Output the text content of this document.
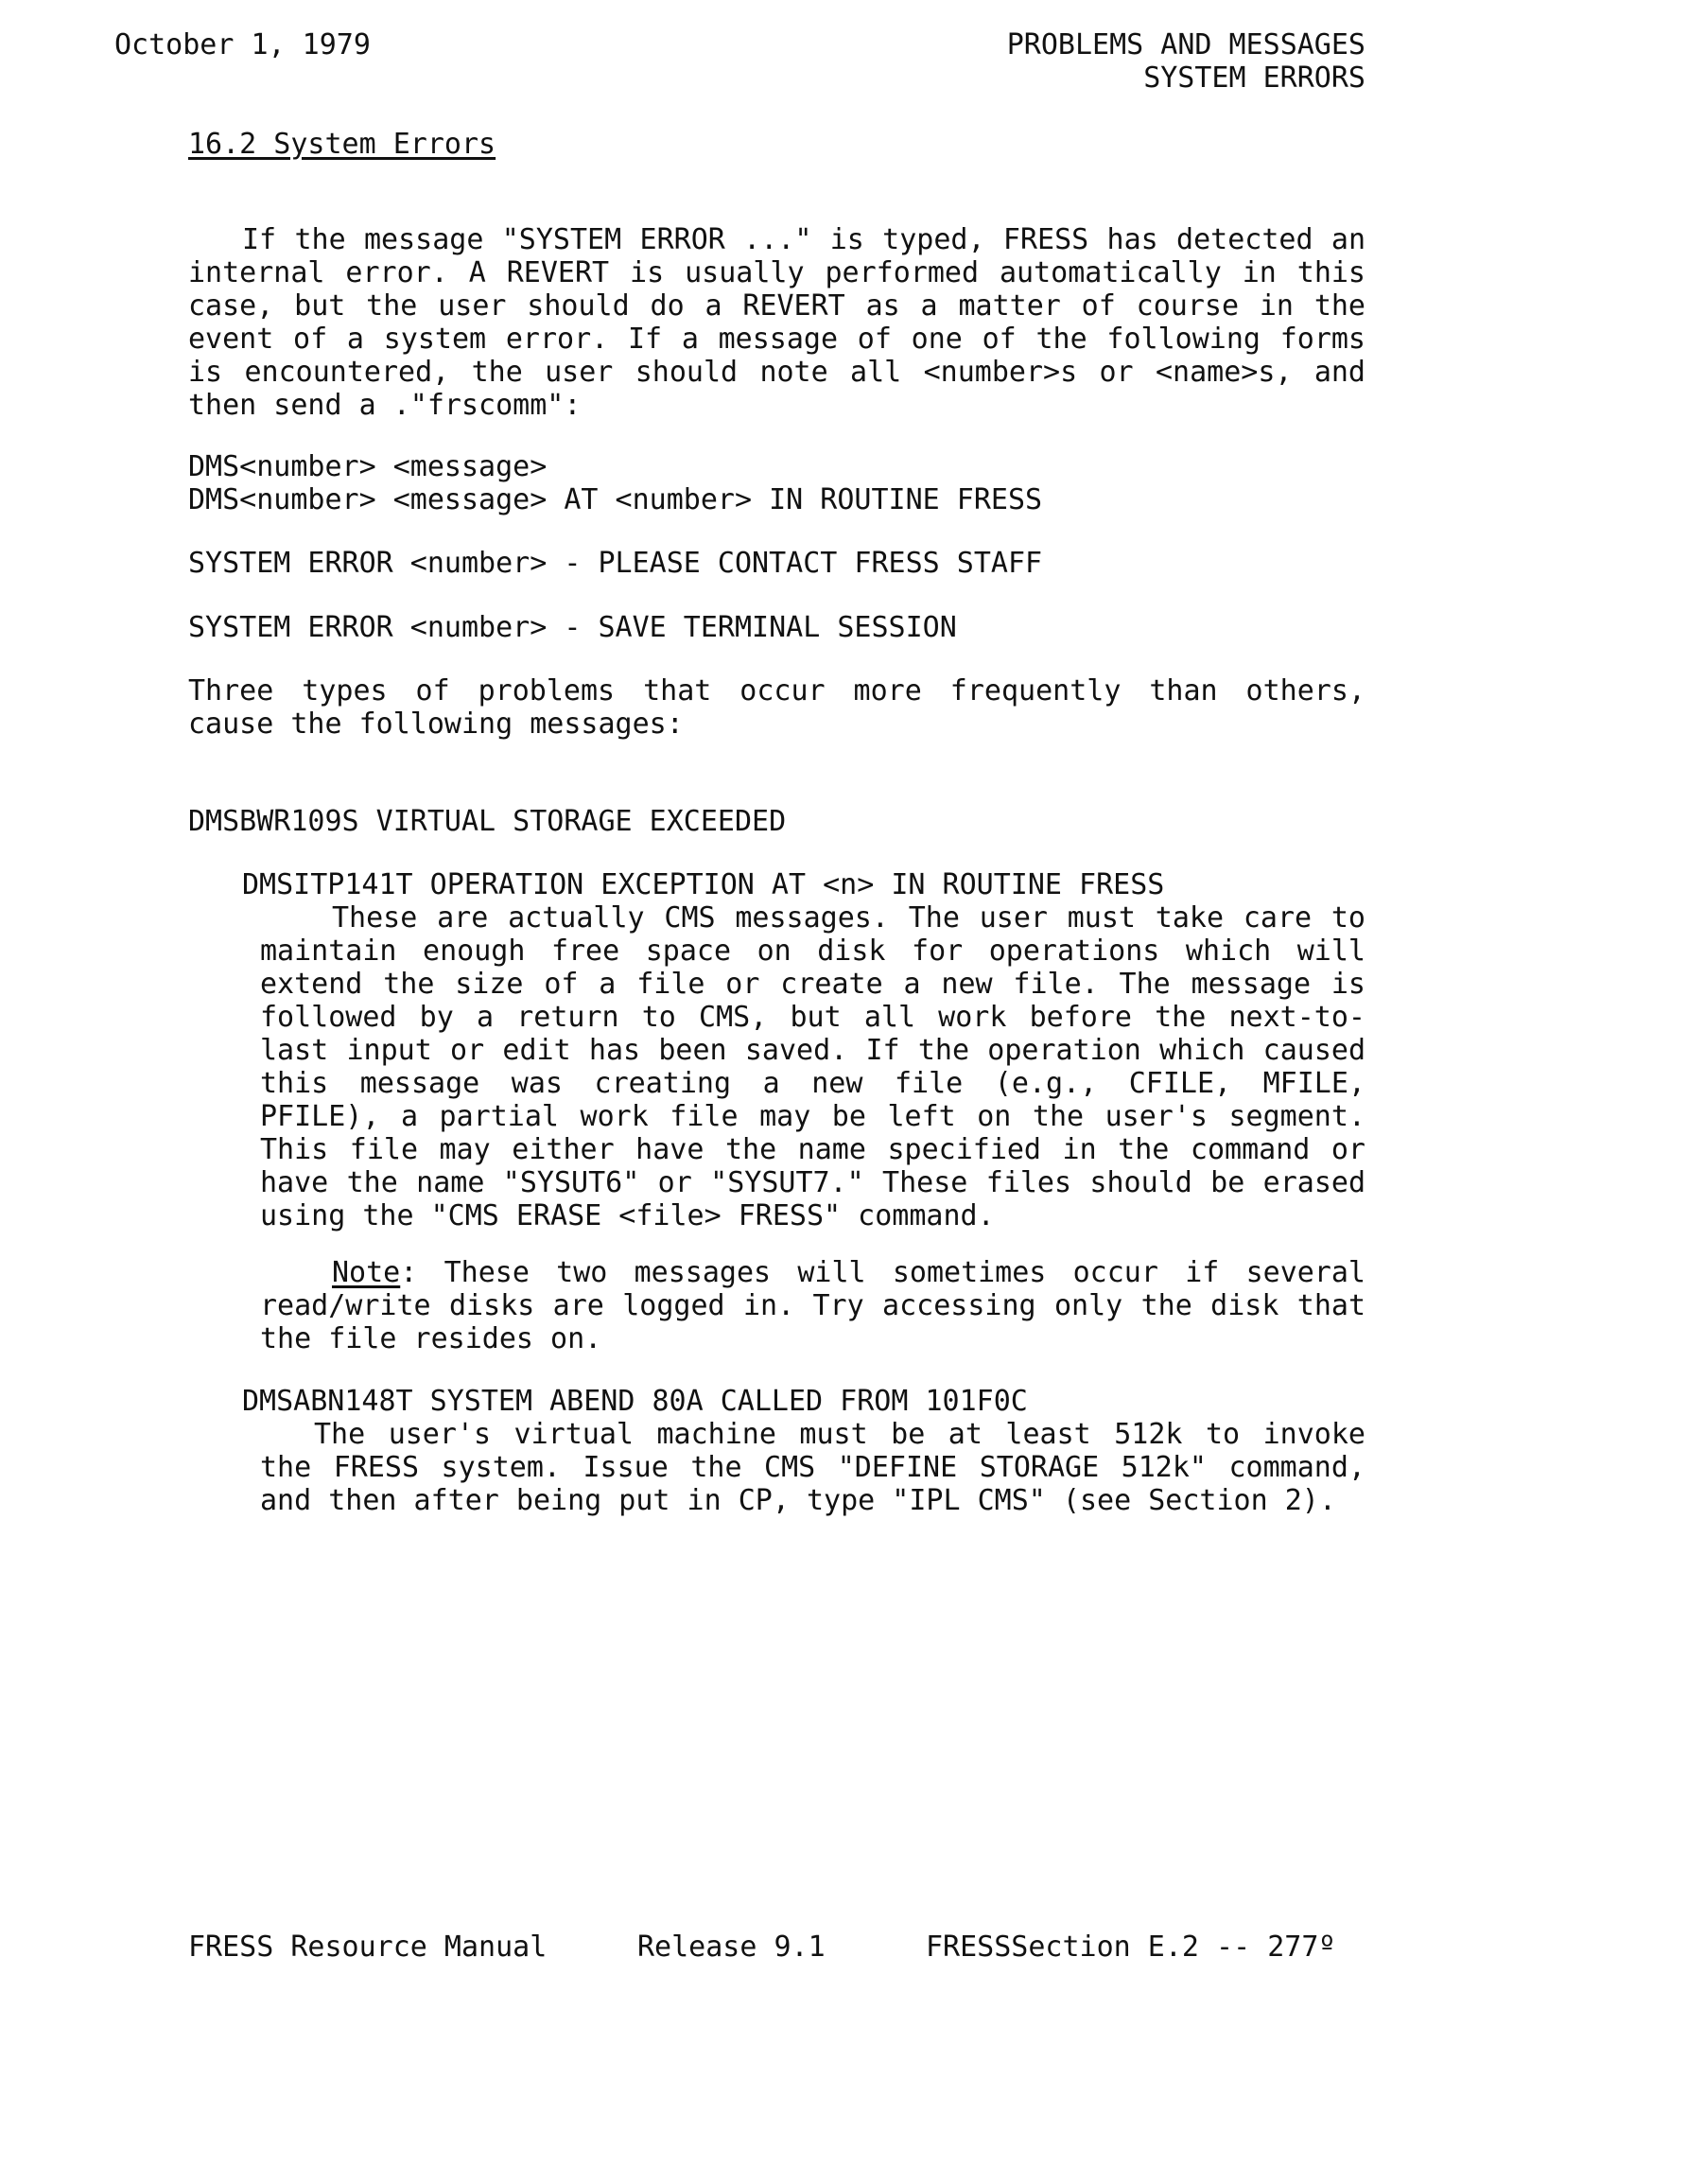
October 1, 1979	PROBLEMS AND MESSAGES
SYSTEM ERRORS
16.2 System Errors
If the message "SYSTEM ERROR ..." is typed, FRESS has detected an internal error. A REVERT is usually performed automatically in this case, but the user should do a REVERT as a matter of course in the event of a system error. If a message of one of the following forms is encountered, the user should note all <number>s or <name>s, and then send a ."frscomm":
DMS<number> <message>
DMS<number> <message> AT <number> IN ROUTINE FRESS
SYSTEM ERROR <number> - PLEASE CONTACT FRESS STAFF
SYSTEM ERROR <number> - SAVE TERMINAL SESSION
Three types of problems that occur more frequently than others, cause the following messages:
DMSBWR109S VIRTUAL STORAGE EXCEEDED
DMSITP141T OPERATION EXCEPTION AT <n> IN ROUTINE FRESS
These are actually CMS messages. The user must take care to maintain enough free space on disk for operations which will extend the size of a file or create a new file. The message is followed by a return to CMS, but all work before the next-to-last input or edit has been saved. If the operation which caused this message was creating a new file (e.g., CFILE, MFILE, PFILE), a partial work file may be left on the user's segment. This file may either have the name specified in the command or have the name "SYSUT6" or "SYSUT7." These files should be erased using the "CMS ERASE <file> FRESS" command.
Note: These two messages will sometimes occur if several read/write disks are logged in. Try accessing only the disk that the file resides on.
DMSABN148T SYSTEM ABEND 80A CALLED FROM 101F0C
The user's virtual machine must be at least 512k to invoke the FRESS system. Issue the CMS "DEFINE STORAGE 512k" command, and then after being put in CP, type "IPL CMS" (see Section 2).
FRESS Resource Manual	Release 9.1	FRESSSection E.2 -- 277º
